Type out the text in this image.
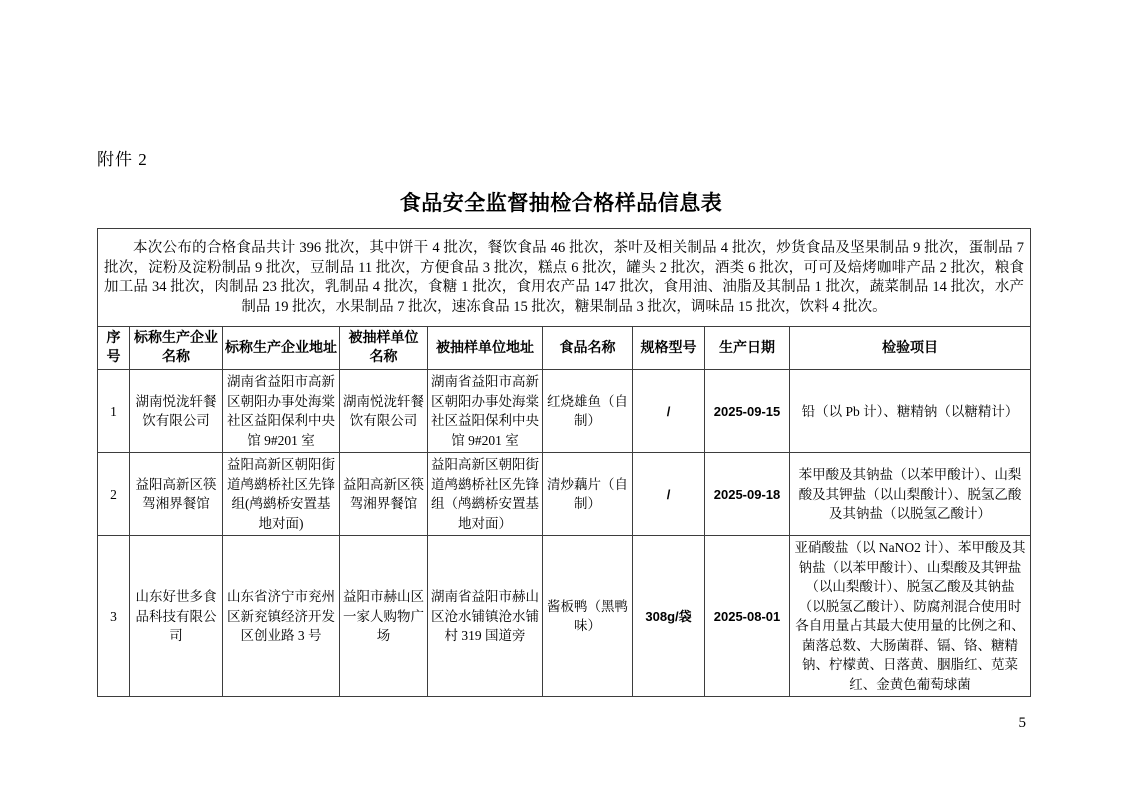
附件 2
食品安全监督抽检合格样品信息表
本次公布的合格食品共计 396 批次，其中饼干 4 批次，餐饮食品 46 批次，茶叶及相关制品 4 批次，炒货食品及坚果制品 9 批次，蛋制品 7 批次，淀粉及淀粉制品 9 批次，豆制品 11 批次，方便食品 3 批次，糕点 6 批次，罐头 2 批次，酒类 6 批次，可可及焙烤咖啡产品 2 批次，粮食加工品 34 批次，肉制品 23 批次，乳制品 4 批次，食糖 1 批次，食用农产品 147 批次，食用油、油脂及其制品 1 批次，蔬菜制品 14 批次，水产制品 19 批次，水果制品 7 批次，速冻食品 15 批次，糖果制品 3 批次，调味品 15 批次，饮料 4 批次。								
序号	标称生产企业名称	标称生产企业地址	被抽样单位名称	被抽样单位地址	食品名称	规格型号	生产日期	检验项目
1	湖南悦泷轩餐饮有限公司	湖南省益阳市高新区朝阳办事处海棠社区益阳保利中央馆 9#201 室	湖南悦泷轩餐饮有限公司	湖南省益阳市高新区朝阳办事处海棠社区益阳保利中央馆 9#201 室	红烧雄鱼（自制）	/	2025-09-15	铅（以 Pb 计）、糖精钠（以糖精计）
2	益阳高新区筷驾湘界餐馆	益阳高新区朝阳街道鸬鹚桥社区先锋组(鸬鹚桥安置基地对面)	益阳高新区筷驾湘界餐馆	益阳高新区朝阳街道鸬鹚桥社区先锋组（鸬鹚桥安置基地对面）	清炒藕片（自制）	/	2025-09-18	苯甲酸及其钠盐（以苯甲酸计）、山梨酸及其钾盐（以山梨酸计）、脱氢乙酸及其钠盐（以脱氢乙酸计）
3	山东好世多食品科技有限公司	山东省济宁市兖州区新兖镇经济开发区创业路 3 号	益阳市赫山区一家人购物广场	湖南省益阳市赫山区沧水铺镇沧水铺村 319 国道旁	酱板鸭（黑鸭味）	308g/袋	2025-08-01	亚硝酸盐（以 NaNO2 计）、苯甲酸及其钠盐（以苯甲酸计）、山梨酸及其钾盐（以山梨酸计）、脱氢乙酸及其钠盐（以脱氢乙酸计）、防腐剂混合使用时各自用量占其最大使用量的比例之和、菌落总数、大肠菌群、镉、铬、糖精钠、柠檬黄、日落黄、胭脂红、苋菜红、金黄色葡萄球菌
5
